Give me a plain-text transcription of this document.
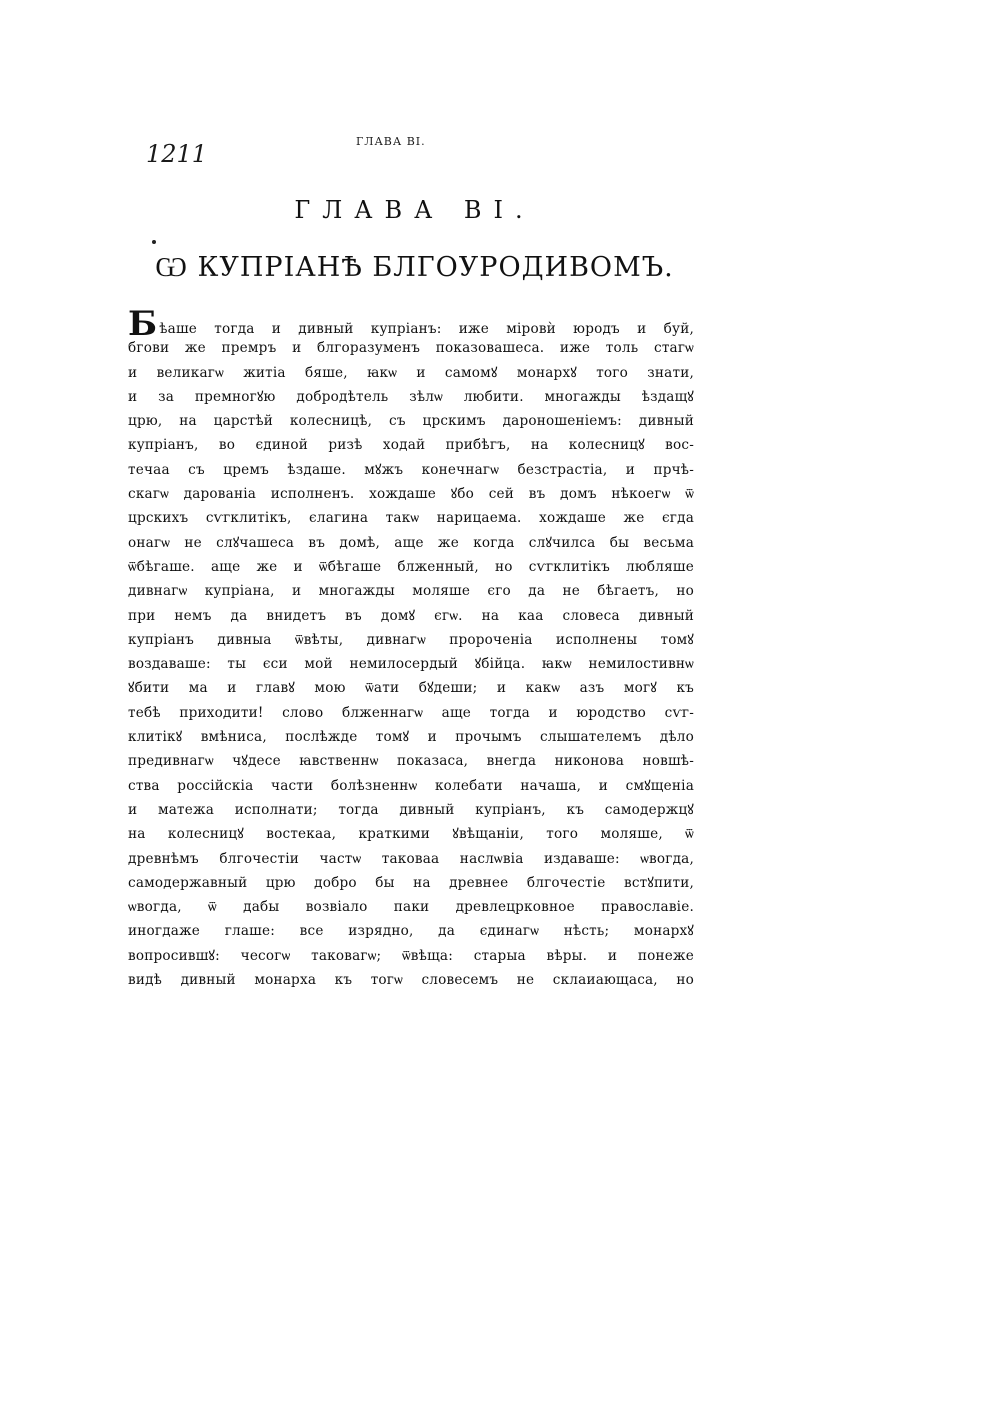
1211	ГЛАВА ВІ.
ГЛАВА ВІ.
Ѡ КУПРІАНѢ БЛГОУРОДИВОМЪ.
Бѣаше тогда и дивный купріанъ: иже міровѝ юродъ и буй,
бгови же премръ и блгоразуменъ показовашеса. иже толь стагѡ
и великагѡ житіа бяше, ꙗкѡ и самомꙋ монархꙋ того знати,
и за премногꙋю добродѣтель зѣлѡ любити. многажды ѣздащꙋ
црю, на царстѣй колесницѣ, съ црскимъ дароношеніемъ: дивный
купріанъ, во єдиной ризѣ ходай прибѣгъ, на колесницꙋ вос-
течаа съ цремъ ѣздаше. мꙋжъ конечнагѡ безстрастіа, и прчѣ-
скагѡ дарованіа исполненъ. хождаше ꙋбо сей въ домъ нѣкоегѡ ѿ
црскихъ сѵгклитікъ, єлагина такѡ нарицаема. хождаше же єгда
онагѡ не слꙋчашеса въ домѣ, аще же когда слꙋчилса бы весьма
ѿбѣгаше. аще же и ѿбѣгаше блженный, но сѵгклитікъ любляше
дивнагѡ купріана, и многажды моляше єго да не бѣгаетъ, но
при немъ да внидетъ въ домꙋ єгѡ. на каа словеса дивный
купріанъ дивныа ѿвѣты, дивнагѡ пророченіа исполнены томꙋ
воздаваше: ты єси мой немилосердый ꙋбійца. ꙗкѡ немилостивнѡ
ꙋбити ма и главꙋ мою ѿати бꙋдеши; и какѡ азъ могꙋ къ
тебѣ приходити! слово блженнагѡ аще тогда и юродство сѵг-
клитікꙋ вмѣниса, послѣжде томꙋ и прочымъ слышателемъ дѣло
предивнагѡ чꙋдесе ꙗвственнѡ показаса, внегда никонова новшѣ-
ства россійскіа части болѣзненнѡ колебати начаша, и смꙋщеніа
и матежа исполнати; тогда дивный купріанъ, къ самодержцꙋ
на колесницꙋ востекаа, краткими ꙋвѣщаніи, того моляше, ѿ
древнѣмъ блгочестіи частѡ таковаа наслѡвіа издаваше: ѡвогда,
самодержавный црю добро бы на древнее блгочестіе встꙋпити,
ѡвогда, ѿ дабы возвіало паки древлецрковное православіе.
иногдаже глаше: все изрядно, да єдинагѡ нѣсть; монархꙋ
вопросившꙋ: чесогѡ таковагѡ; ѿвѣща: старыа вѣры. и понеже
видѣ дивный монарха къ тогѡ словесемъ не склаиающаса, но
